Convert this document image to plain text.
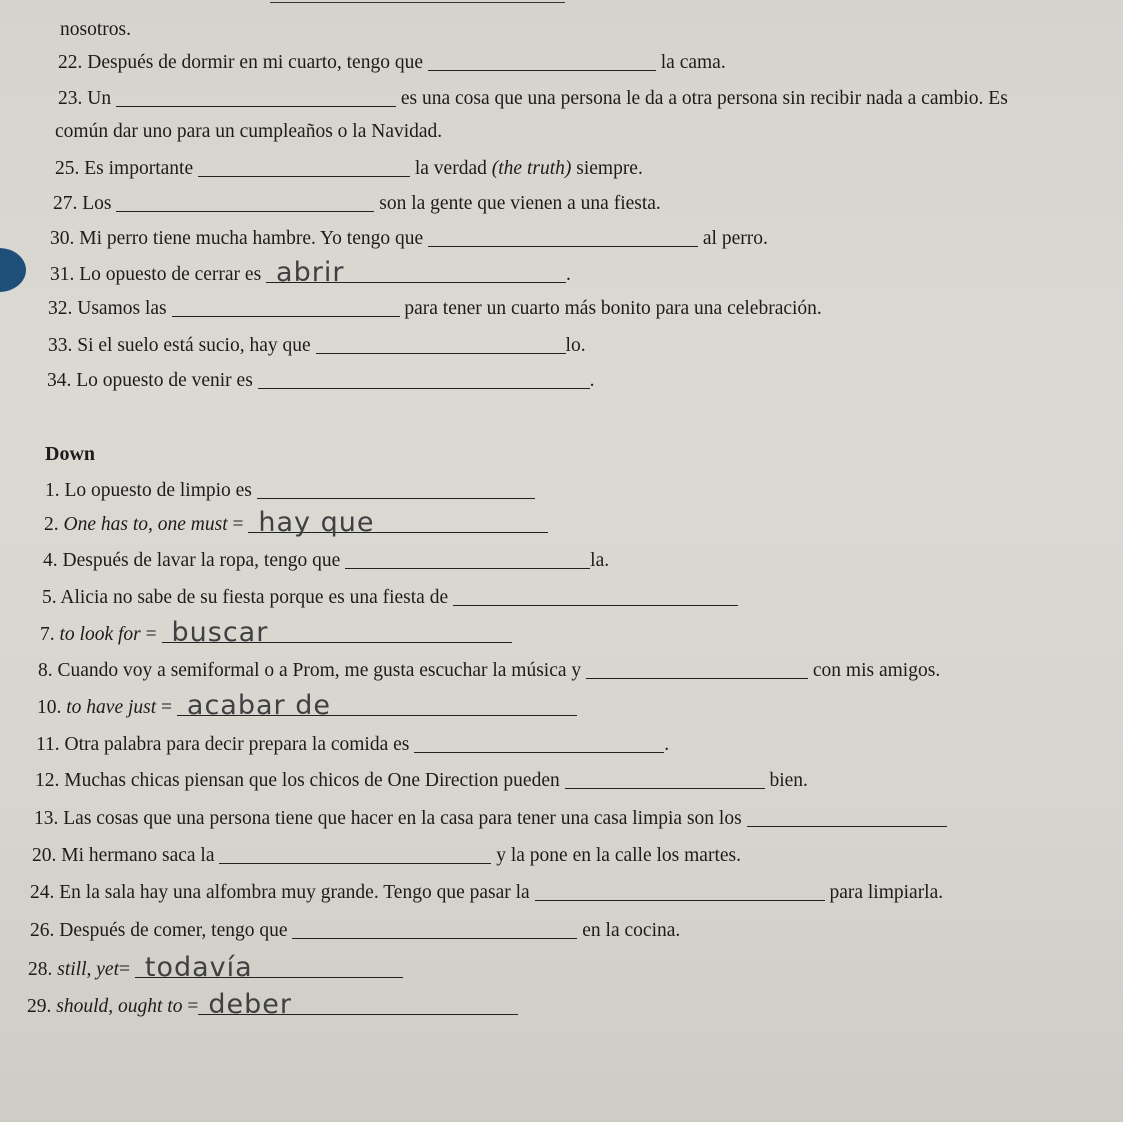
nosotros.
22. Después de dormir en mi cuarto, tengo que	la cama.
23. Un	es una cosa que una persona le da a otra persona sin recibir nada a cambio. Es
común dar uno para un cumpleaños o la Navidad.
25. Es importante	la verdad (the truth) siempre.
27. Los	son la gente que vienen a una fiesta.
30. Mi perro tiene mucha hambre. Yo tengo que	al perro.
31. Lo opuesto de cerrar es abrir	.
32. Usamos las	para tener un cuarto más bonito para una celebración.
33. Si el suelo está sucio, hay que	lo.
34. Lo opuesto de venir es	.
Down
1. Lo opuesto de limpio es
2. One has to, one must = hay que
4. Después de lavar la ropa, tengo que	la.
5. Alicia no sabe de su fiesta porque es una fiesta de
7. to look for = buscar
8. Cuando voy a semiformal o a Prom, me gusta escuchar la música y	con mis amigos.
10. to have just = acabar de
11. Otra palabra para decir prepara la comida es	.
12. Muchas chicas piensan que los chicos de One Direction pueden	bien.
13. Las cosas que una persona tiene que hacer en la casa para tener una casa limpia son los
20. Mi hermano saca la	y la pone en la calle los martes.
24. En la sala hay una alfombra muy grande. Tengo que pasar la	para limpiarla.
26. Después de comer, tengo que	en la cocina.
28. still, yet= todavía
29. should, ought to = deber
